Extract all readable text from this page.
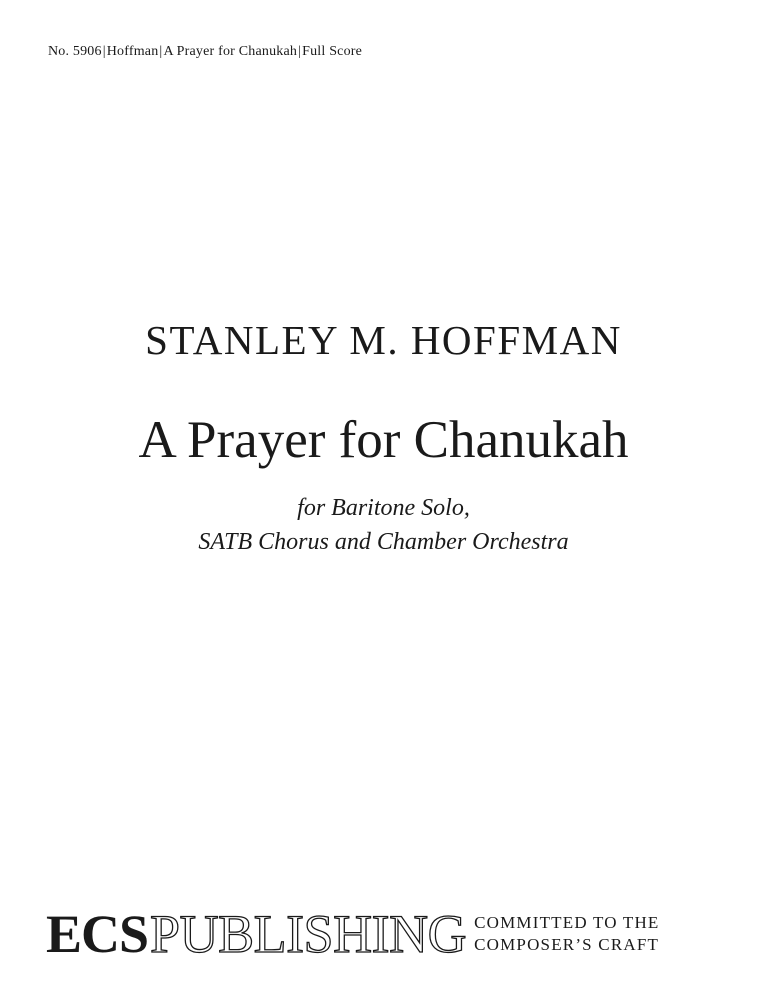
No. 5906|Hoffman|A Prayer for Chanukah|Full Score
STANLEY M. HOFFMAN
A Prayer for Chanukah
for Baritone Solo,
SATB Chorus and Chamber Orchestra
ECS PUBLISHING COMMITTED TO THE
COMPOSER’S CRAFT
